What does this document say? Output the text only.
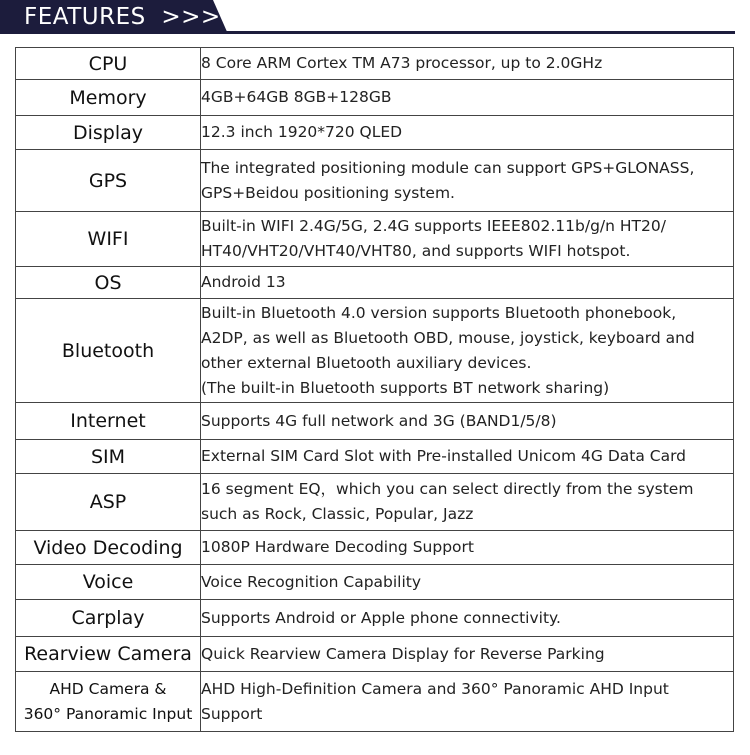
FEATURES >>>
CPU	8 Core ARM Cortex TM A73 processor, up to 2.0GHz

Memory	4GB+64GB 8GB+128GB

Display	12.3 inch 1920*720 QLED

GPS	The integrated positioning module can support GPS+GLONASS,
GPS+Beidou positioning system.

WIFI	Built-in WIFI 2.4G/5G, 2.4G supports IEEE802.11b/g/n HT20/
HT40/VHT20/VHT40/VHT80, and supports WIFI hotspot.

OS	Android 13

Bluetooth	Built-in Bluetooth 4.0 version supports Bluetooth phonebook,
A2DP, as well as Bluetooth OBD, mouse, joystick, keyboard and
other external Bluetooth auxiliary devices.
(The built-in Bluetooth supports BT network sharing)

Internet	Supports 4G full network and 3G (BAND1/5/8)

SIM	External SIM Card Slot with Pre-installed Unicom 4G Data Card

ASP	16 segment EQ，which you can select directly from the system
such as Rock, Classic, Popular, Jazz

Video Decoding	1080P Hardware Decoding Support

Voice	Voice Recognition Capability

Carplay	Supports Android or Apple phone connectivity.

Rearview Camera	Quick Rearview Camera Display for Reverse Parking

AHD Camera &
360° Panoramic Input	AHD High-Definition Camera and 360° Panoramic AHD Input
Support
